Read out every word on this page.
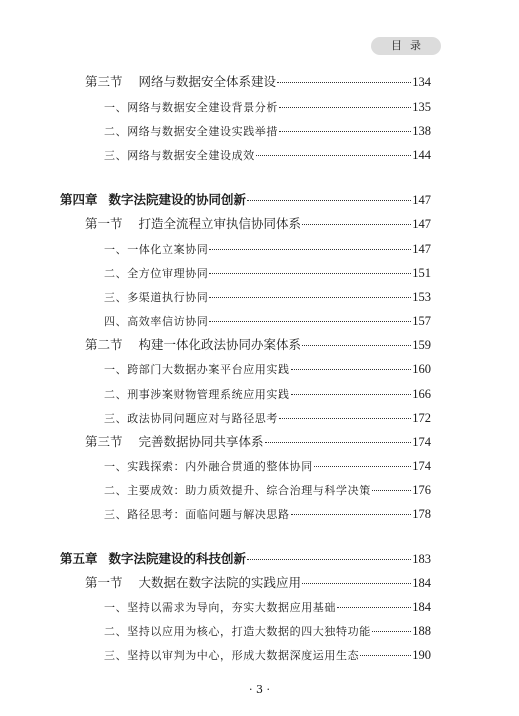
目录
第三节 网络与数据安全体系建设	134
一、 网络与数据安全建设背景分析	135
二、 网络与数据安全建设实践举措	138
三、 网络与数据安全建设成效	144
第四章 数字法院建设的协同创新	147
第一节 打造全流程立审执信协同体系	147
一、 一体化立案协同	147
二、 全方位审理协同	151
三、 多渠道执行协同	153
四、 高效率信访协同	157
第二节 构建一体化政法协同办案体系	159
一、 跨部门大数据办案平台应用实践	160
二、 刑事涉案财物管理系统应用实践	166
三、 政法协同问题应对与路径思考	172
第三节 完善数据协同共享体系	174
一、 实践探索：内外融合贯通的整体协同	174
二、 主要成效：助力质效提升、综合治理与科学决策	176
三、 路径思考：面临问题与解决思路	178
第五章 数字法院建设的科技创新	183
第一节 大数据在数字法院的实践应用	184
一、 坚持以需求为导向，夯实大数据应用基础	184
二、 坚持以应用为核心，打造大数据的四大独特功能	188
三、 坚持以审判为中心，形成大数据深度运用生态	190
· 3 ·
